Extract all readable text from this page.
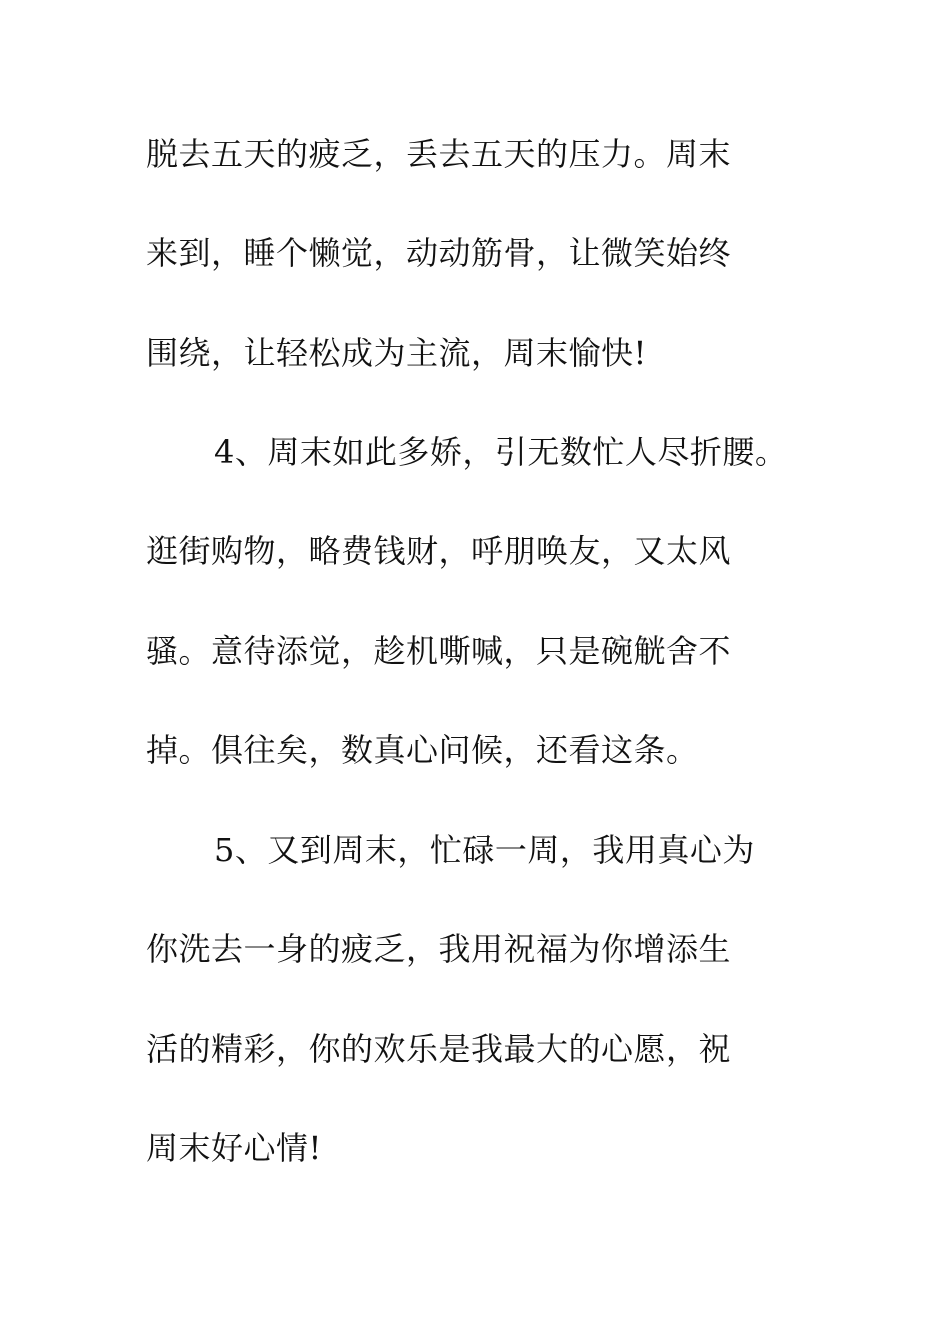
脱去五天的疲乏，丢去五天的压力。周末

来到，睡个懒觉，动动筋骨，让微笑始终

围绕，让轻松成为主流，周末愉快!

4、周末如此多娇，引无数忙人尽折腰。

逛街购物，略费钱财，呼朋唤友，又太风

骚。意待添觉，趁机嘶喊，只是碗觥舍不

掉。俱往矣，数真心问候，还看这条。

5、又到周末，忙碌一周，我用真心为

你洗去一身的疲乏，我用祝福为你增添生

活的精彩，你的欢乐是我最大的心愿，祝

周末好心情!
